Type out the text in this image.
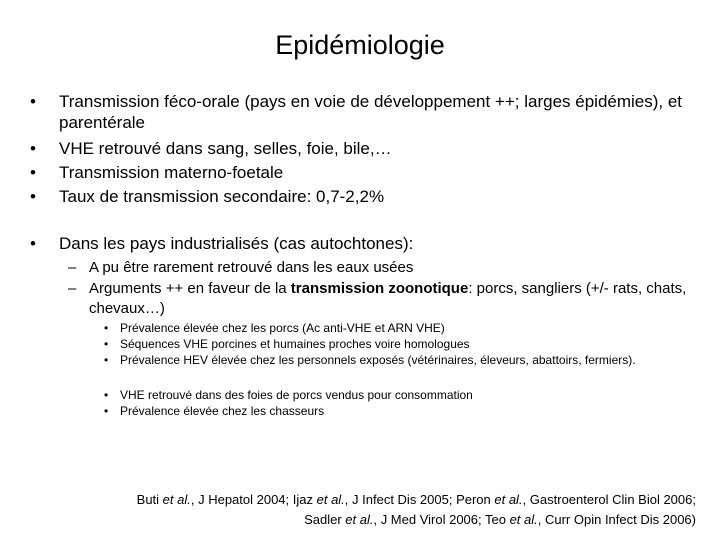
Epidémiologie
• Transmission féco-orale (pays en voie de développement ++; larges épidémies), et parentérale
• VHE retrouvé dans sang, selles, foie, bile,…
• Transmission materno-foetale
• Taux de transmission secondaire: 0,7-2,2%
• Dans les pays industrialisés (cas autochtones):
– A pu être rarement retrouvé dans les eaux usées
– Arguments ++ en faveur de la transmission zoonotique: porcs, sangliers (+/- rats, chats, chevaux…)
• Prévalence élevée chez les porcs (Ac anti-VHE et ARN VHE)
• Séquences VHE porcines et humaines proches voire homologues
• Prévalence HEV élevée chez les personnels exposés (vétérinaires, éleveurs, abattoirs, fermiers).
• VHE retrouvé dans des foies de porcs vendus pour consommation
• Prévalence élevée chez les chasseurs
Buti et al., J Hepatol 2004; Ijaz et al., J Infect Dis 2005; Peron et al., Gastroenterol Clin Biol 2006;
Sadler et al., J Med Virol 2006; Teo et al., Curr Opin Infect Dis 2006)
